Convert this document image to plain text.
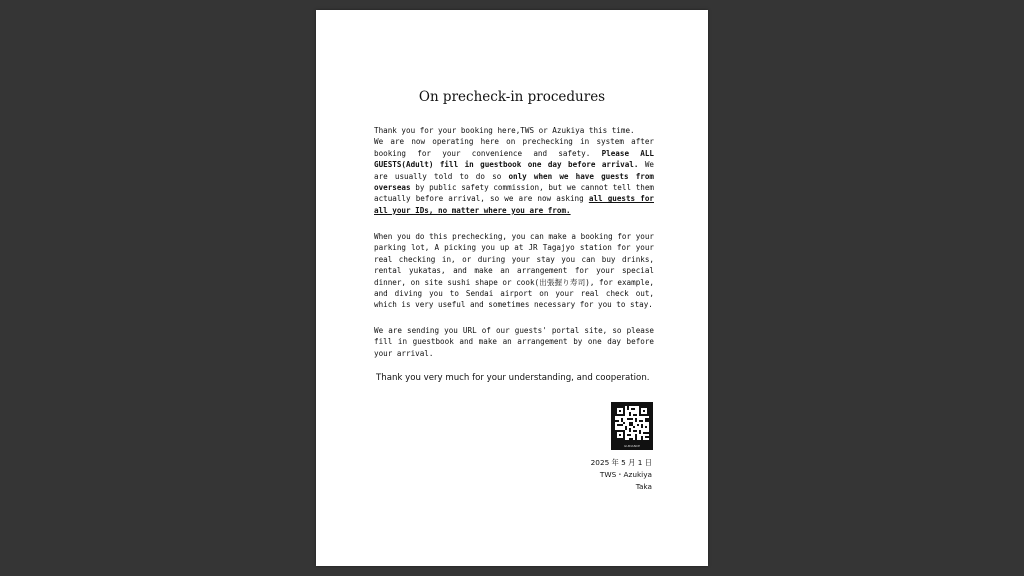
On precheck-in procedures

Thank you for your booking here,TWS or Azukiya this time.
We are now operating here on prechecking in system after booking for your convenience and safety. Please ALL GUESTS(Adult) fill in guestbook one day before arrival. We are usually told to do so only when we have guests from overseas by public safety commission, but we cannot tell them actually before arrival, so we are now asking all guests for all your IDs, no matter where you are from.

When you do this prechecking, you can make a booking for your parking lot, A picking you up at JR Tagajyo station for your real checking in, or during your stay you can buy drinks, rental yukatas, and make an arrangement for your special dinner, on site sushi shape or cook(出張握り寿司), for example, and diving you to Sendai airport on your real check out, which is very useful and sometimes necessary for you to stay.

We are sending you URL of our guests' portal site, so please fill in guestbook and make an arrangement by one day before your arrival.

Thank you very much for your understanding, and cooperation.
GUIDANCE
2025 年 5 月 1 日
TWS・Azukiya
Taka
